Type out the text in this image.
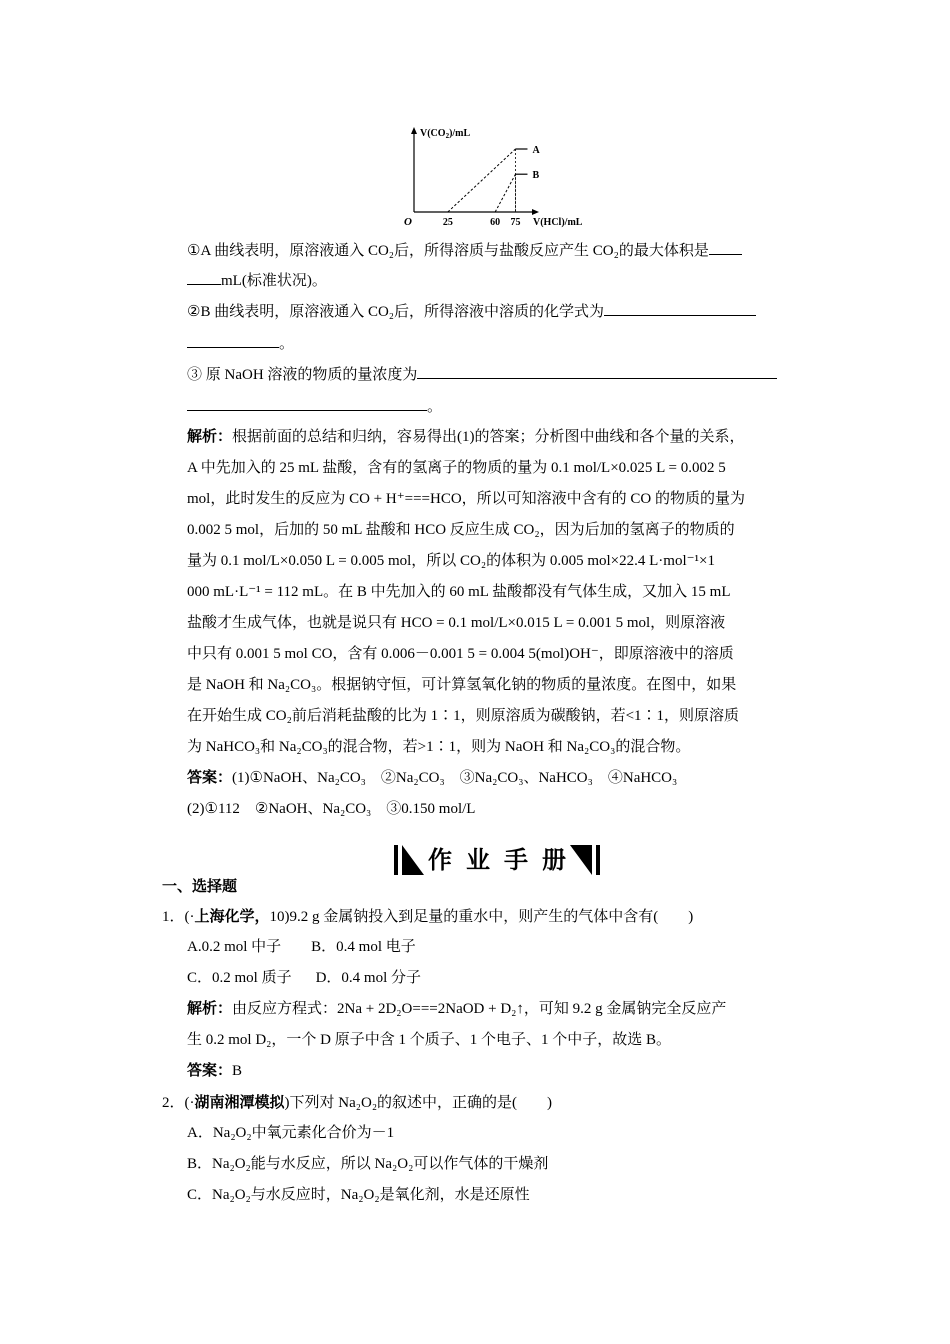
$V(CO_2)/mL$
O	25	60 75 V(HCl)/mL
A
B
①A 曲线表明，原溶液通入 CO₂后，所得溶质与盐酸反应产生 CO₂的最大体积是
mL(标准状况)。
②B 曲线表明，原溶液通入 CO₂后，所得溶液中溶质的化学式为
。
③ 原 NaOH 溶液的物质的量浓度为
。
解析：根据前面的总结和归纳，容易得出(1)的答案；分析图中曲线和各个量的关系，
A 中先加入的 25 mL 盐酸，含有的氢离子的物质的量为 0.1 mol/L×0.025 L = 0.002 5
mol，此时发生的反应为 CO + H⁺===HCO，所以可知溶液中含有的 CO 的物质的量为
0.002 5 mol，后加的 50 mL 盐酸和 HCO 反应生成 CO₂，因为后加的氢离子的物质的
量为 0.1 mol/L×0.050 L = 0.005 mol，所以 CO₂的体积为 0.005 mol×22.4 L·mol⁻¹×1
000 mL·L⁻¹ = 112 mL。在 B 中先加入的 60 mL 盐酸都没有气体生成，又加入 15 mL
盐酸才生成气体，也就是说只有 HCO = 0.1 mol/L×0.015 L = 0.001 5 mol，则原溶液
中只有 0.001 5 mol CO，含有 0.006－0.001 5 = 0.004 5(mol)OH⁻，即原溶液中的溶质
是 NaOH 和 Na₂CO₃。根据钠守恒，可计算氢氧化钠的物质的量浓度。在图中，如果
在开始生成 CO₂前后消耗盐酸的比为 1∶1，则原溶质为碳酸钠，若<1∶1，则原溶质
为 NaHCO₃和 Na₂CO₃的混合物，若>1∶1，则为 NaOH 和 Na₂CO₃的混合物。
答案：(1)①NaOH、Na₂CO₃　②Na₂CO₃　③Na₂CO₃、NaHCO₃　④NaHCO₃
(2)①112　②NaOH、Na₂CO₃　③0.150 mol/L
作业手册
一、选择题
1．(·上海化学，10)9.2 g 金属钠投入到足量的重水中，则产生的气体中含有(　　)
A.0.2 mol 中子 B．0.4 mol 电子
C．0.2 mol 质子 D．0.4 mol 分子
解析：由反应方程式：2Na + 2D₂O===2NaOD + D₂↑，可知 9.2 g 金属钠完全反应产
生 0.2 mol D₂，一个 D 原子中含 1 个质子、1 个电子、1 个中子，故选 B。
答案：B
2．(·湖南湘潭模拟)下列对 Na₂O₂的叙述中，正确的是(　　)
A．Na₂O₂中氧元素化合价为－1
B．Na₂O₂能与水反应，所以 Na₂O₂可以作气体的干燥剂
C．Na₂O₂与水反应时，Na₂O₂是氧化剂，水是还原性
